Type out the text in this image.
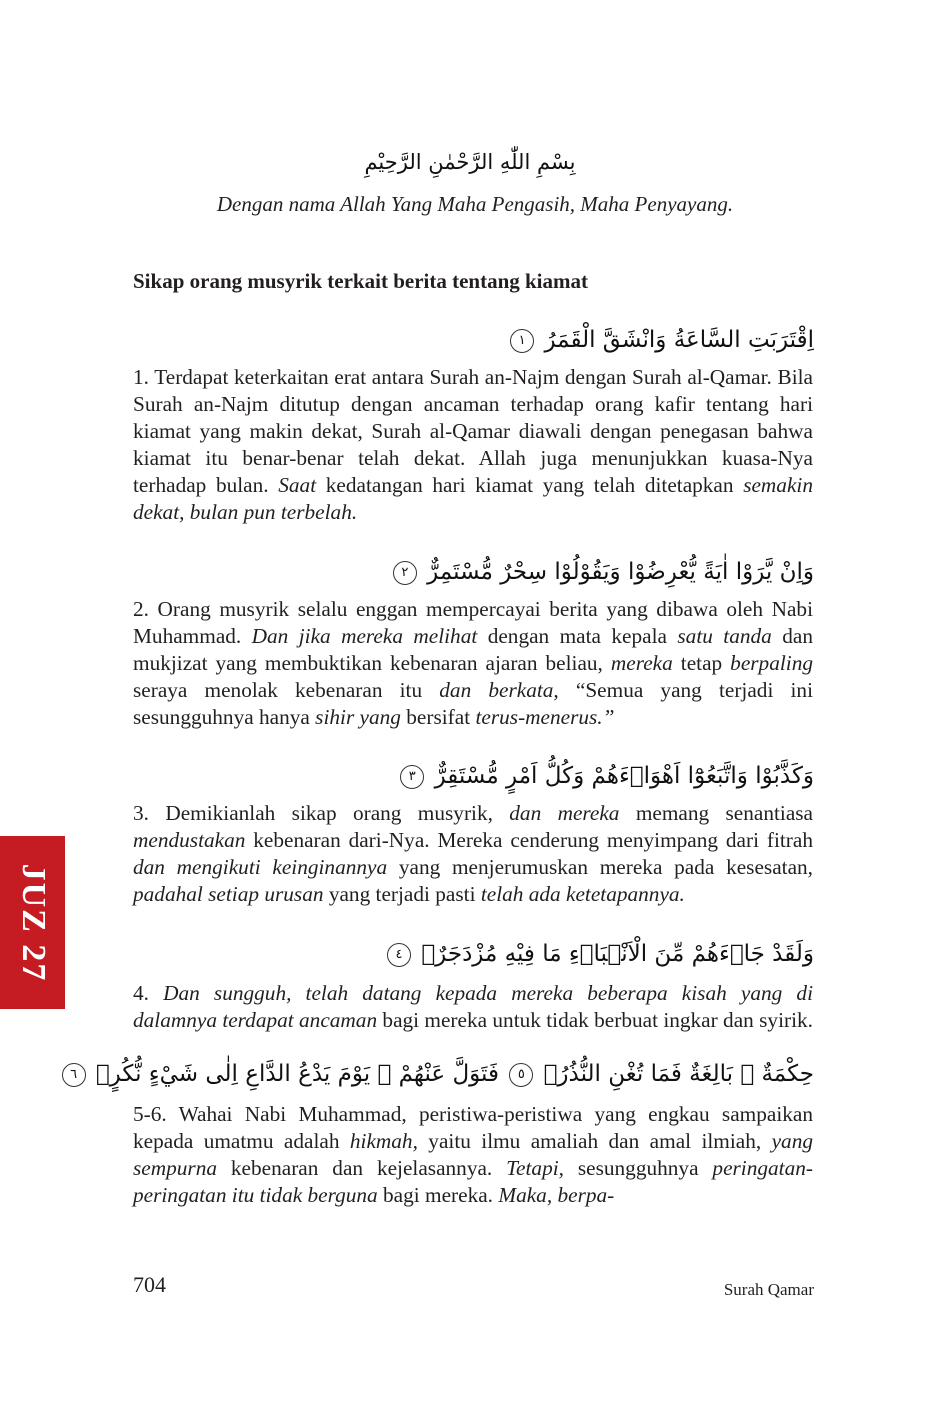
بِسْمِ اللّٰهِ الرَّحْمٰنِ الرَّحِيْمِ
Dengan nama Allah Yang Maha Pengasih, Maha Penyayang.
Sikap orang musyrik terkait berita tentang kiamat
اِقْتَرَبَتِ السَّاعَةُ وَانْشَقَّ الْقَمَرُ ١
1. Terdapat keterkaitan erat antara Surah an-Najm dengan Surah al-Qamar. Bila Surah an-Najm ditutup dengan ancaman terhadap orang kafir tentang hari kiamat yang makin dekat, Surah al-Qamar diawali dengan penegasan bahwa kiamat itu benar-benar telah dekat. Allah juga menunjukkan kuasa-Nya terhadap bulan. Saat kedatangan hari kiamat yang telah ditetapkan semakin dekat, bulan pun terbelah.
وَاِنْ يَّرَوْا اٰيَةً يُّعْرِضُوْا وَيَقُوْلُوْا سِحْرٌ مُّسْتَمِرٌّ ٢
2. Orang musyrik selalu enggan mempercayai berita yang dibawa oleh Nabi Muhammad. Dan jika mereka melihat dengan mata kepala satu tanda dan mukjizat yang membuktikan kebenaran ajaran beliau, mereka tetap berpaling seraya menolak kebenaran itu dan berkata, “Semua yang terjadi ini sesungguhnya hanya sihir yang bersifat terus-menerus.”
وَكَذَّبُوْا وَاتَّبَعُوْٓا اَهْوَاۤءَهُمْ وَكُلُّ اَمْرٍ مُّسْتَقِرٌّ ٣
3. Demikianlah sikap orang musyrik, dan mereka memang senantiasa mendustakan kebenaran dari-Nya. Mereka cenderung menyimpang dari fitrah dan mengikuti keinginannya yang menjerumuskan mereka pada kesesatan, padahal setiap urusan yang terjadi pasti telah ada ketetapannya.
وَلَقَدْ جَاۤءَهُمْ مِّنَ الْاَنْۢبَاۤءِ مَا فِيْهِ مُزْدَجَرٌۙ ٤
4. Dan sungguh, telah datang kepada mereka beberapa kisah yang di dalamnya terdapat ancaman bagi mereka untuk tidak berbuat ingkar dan syirik.
حِكْمَةٌ ۢ بَالِغَةٌ فَمَا تُغْنِ النُّذُرُۙ ٥ فَتَوَلَّ عَنْهُمْ ۘ يَوْمَ يَدْعُ الدَّاعِ اِلٰى شَيْءٍ نُّكُرٍۙ ٦
5-6. Wahai Nabi Muhammad, peristiwa-peristiwa yang engkau sampaikan kepada umatmu adalah hikmah, yaitu ilmu amaliah dan amal ilmiah, yang sempurna kebenaran dan kejelasannya. Tetapi, sesungguhnya peringatan-peringatan itu tidak berguna bagi mereka. Maka, berpa-
JUZ 27
704	Surah Qamar
